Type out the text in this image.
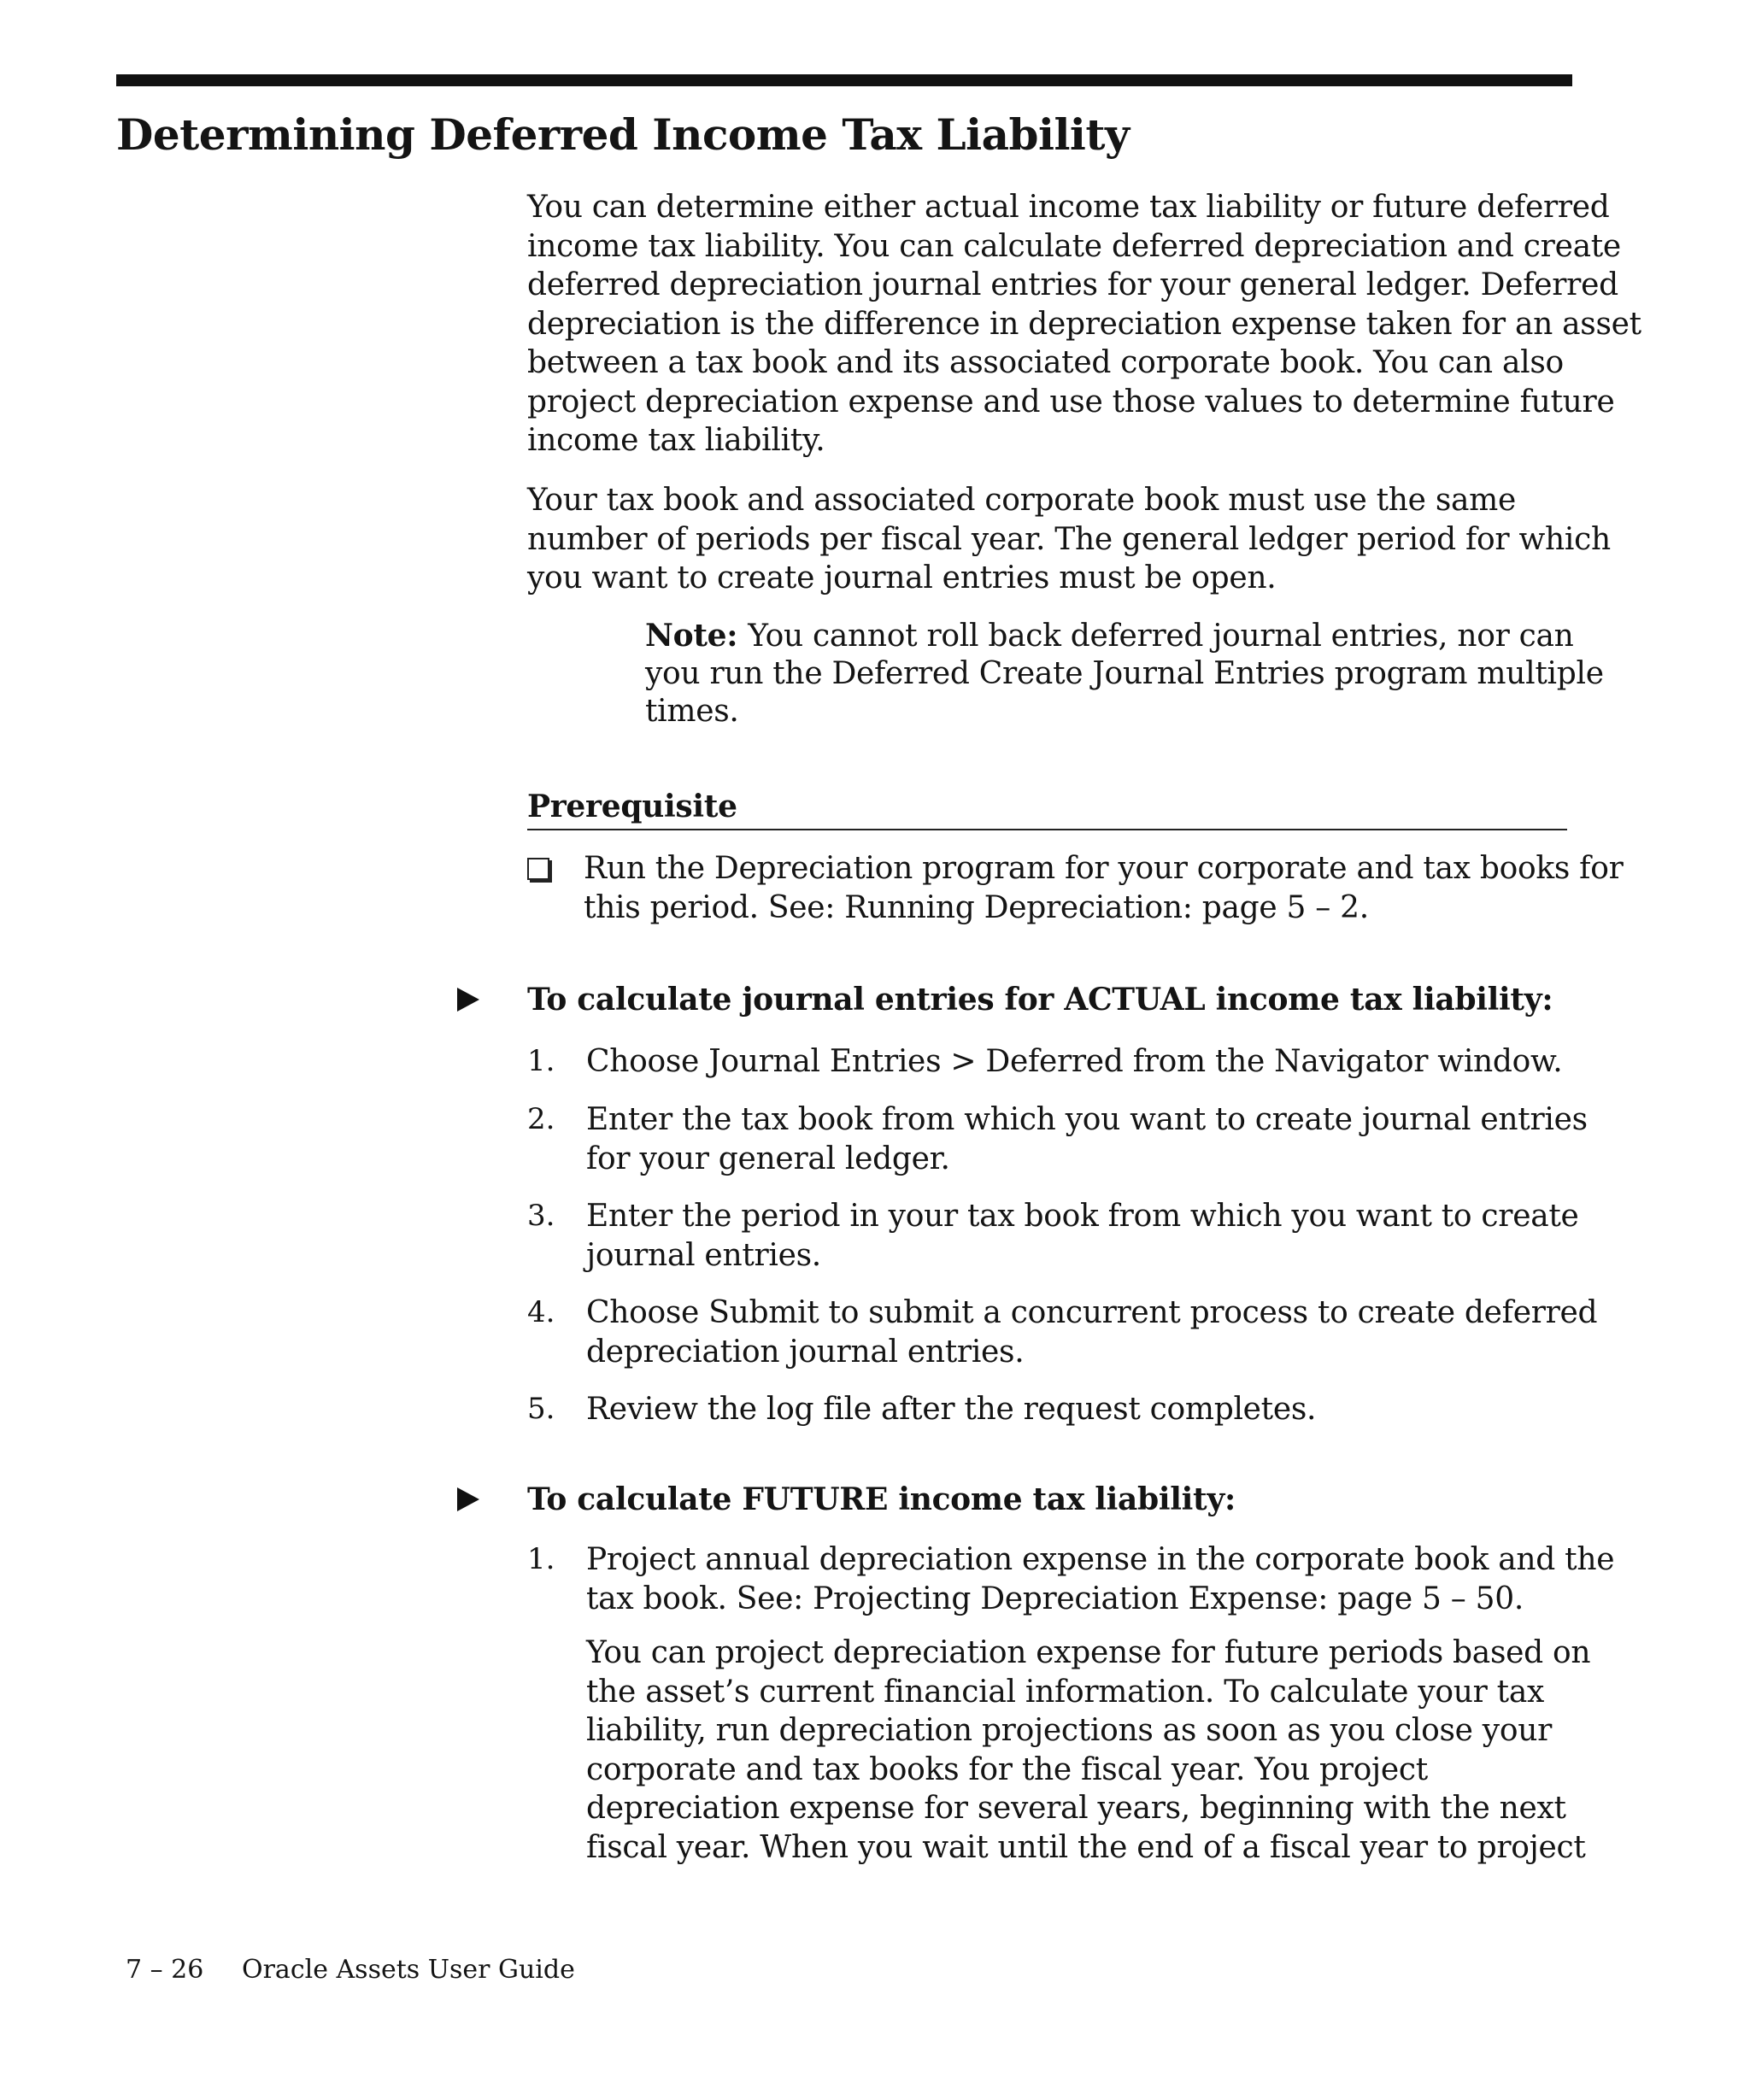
Determining Deferred Income Tax Liability

You can determine either actual income tax liability or future deferred
income tax liability. You can calculate deferred depreciation and create
deferred depreciation journal entries for your general ledger. Deferred
depreciation is the difference in depreciation expense taken for an asset
between a tax book and its associated corporate book. You can also
project depreciation expense and use those values to determine future
income tax liability.

Your tax book and associated corporate book must use the same
number of periods per fiscal year. The general ledger period for which
you want to create journal entries must be open.

Note: You cannot roll back deferred journal entries, nor can
you run the Deferred Create Journal Entries program multiple
times.

Prerequisite
Run the Depreciation program for your corporate and tax books for
this period. See: Running Depreciation: page 5 – 2.
To calculate journal entries for ACTUAL income tax liability:
1.	Choose Journal Entries > Deferred from the Navigator window.
2.	Enter the tax book from which you want to create journal entries
for your general ledger.
3.	Enter the period in your tax book from which you want to create
journal entries.
4.	Choose Submit to submit a concurrent process to create deferred
depreciation journal entries.
5.	Review the log file after the request completes.
To calculate FUTURE income tax liability:
1.	Project annual depreciation expense in the corporate book and the
tax book. See: Projecting Depreciation Expense: page 5 – 50.

You can project depreciation expense for future periods based on
the asset’s current financial information. To calculate your tax
liability, run depreciation projections as soon as you close your
corporate and tax books for the fiscal year. You project
depreciation expense for several years, beginning with the next
fiscal year. When you wait until the end of a fiscal year to project

7 – 26 Oracle Assets User Guide
